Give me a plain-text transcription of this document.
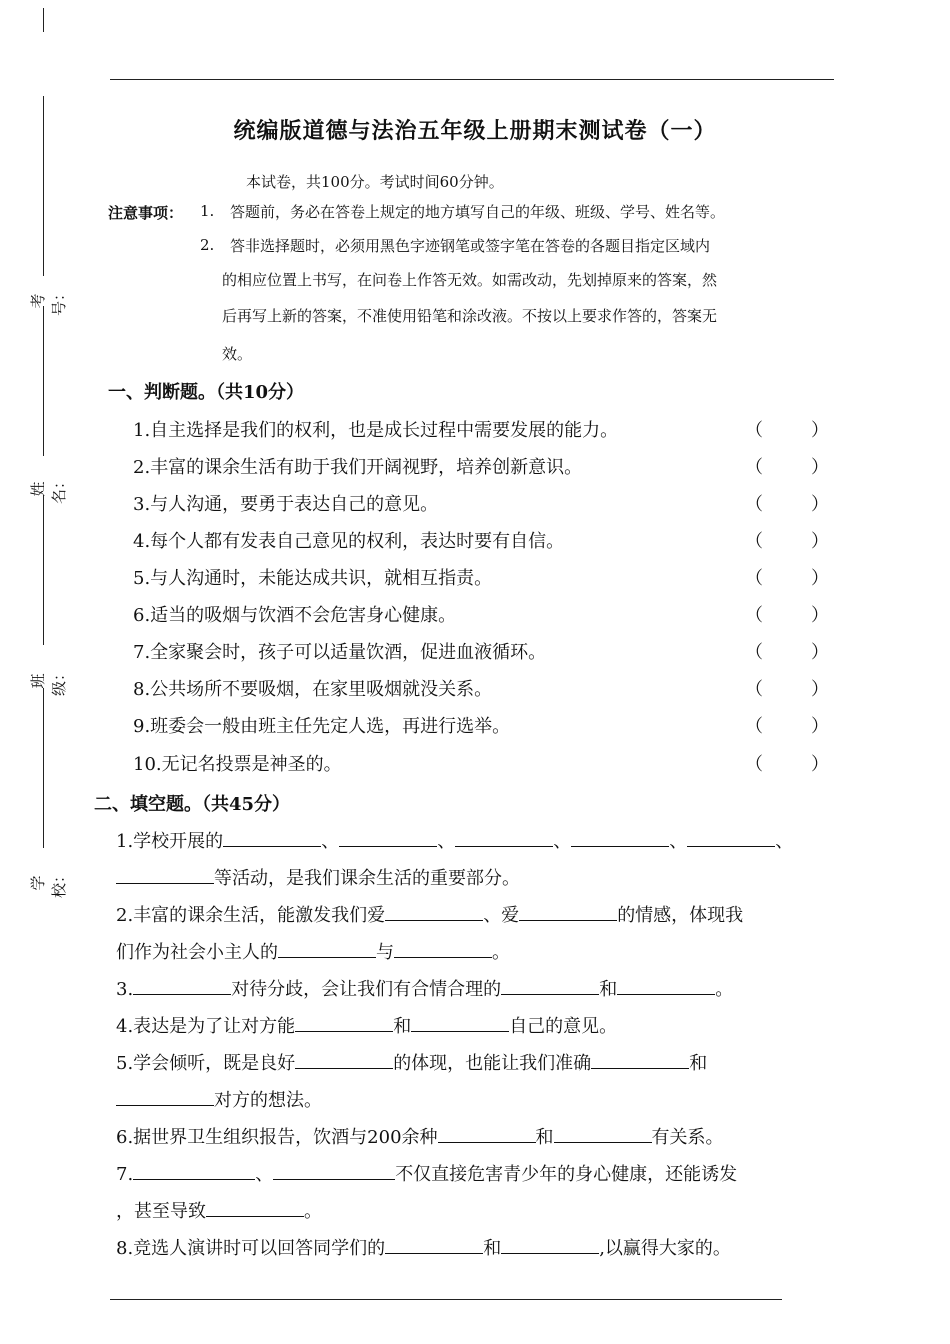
考号：
姓名：
班级：
学校：
统编版道德与法治五年级上册期末测试卷（一）
本试卷，共100分。考试时间60分钟。
注意事项： 1. 答题前，务必在答卷上规定的地方填写自己的年级、班级、学号、姓名等。
2. 答非选择题时，必须用黑色字迹钢笔或签字笔在答卷的各题目指定区域内
的相应位置上书写，在问卷上作答无效。如需改动，先划掉原来的答案，然
后再写上新的答案，不准使用铅笔和涂改液。不按以上要求作答的，答案无
效。
一、判断题。（共10分）
1.自主选择是我们的权利，也是成长过程中需要发展的能力。	（	）
2.丰富的课余生活有助于我们开阔视野，培养创新意识。	（	）
3.与人沟通，要勇于表达自己的意见。	（	）
4.每个人都有发表自己意见的权利，表达时要有自信。	（	）
5.与人沟通时，未能达成共识，就相互指责。	（	）
6.适当的吸烟与饮酒不会危害身心健康。	（	）
7.全家聚会时，孩子可以适量饮酒，促进血液循环。	（	）
8.公共场所不要吸烟，在家里吸烟就没关系。	（	）
9.班委会一般由班主任先定人选，再进行选举。	（	）
10.无记名投票是神圣的。	（	）
二、填空题。（共45分）
1.学校开展的	、	、	、	、	、
等活动，是我们课余生活的重要部分。
2.丰富的课余生活，能激发我们爱	、爱	的情感，体现我
们作为社会小主人的	与	。
3.	对待分歧，会让我们有合情合理的	和	。
4.表达是为了让对方能	和	自己的意见。
5.学会倾听，既是良好	的体现，也能让我们准确	和
对方的想法。
6.据世界卫生组织报告，饮酒与200余种	和	有关系。
7.	、	不仅直接危害青少年的身心健康，还能诱发
，甚至导致	。
8.竞选人演讲时可以回答同学们的	和	,以赢得大家的。
